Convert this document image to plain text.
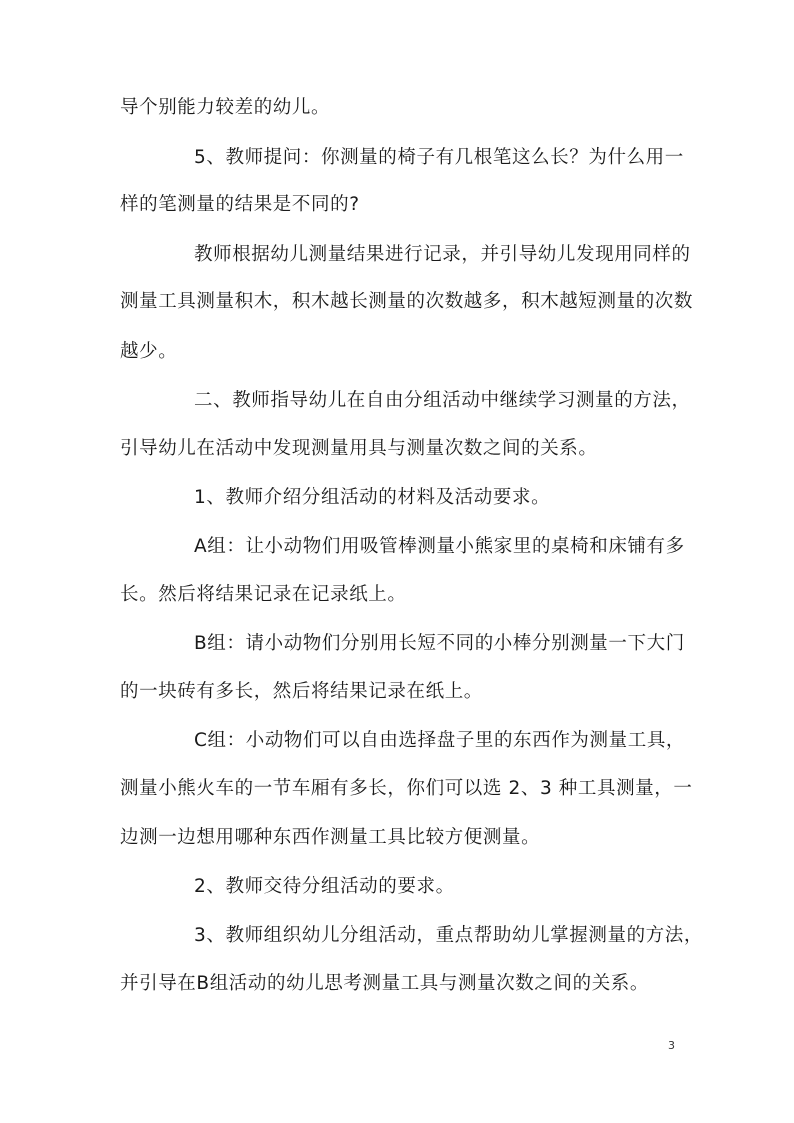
导个别能力较差的幼儿。
5、教师提问：你测量的椅子有几根笔这么长？为什么用一
样的笔测量的结果是不同的?
教师根据幼儿测量结果进行记录，并引导幼儿发现用同样的
测量工具测量积木，积木越长测量的次数越多，积木越短测量的次数
越少。
二、教师指导幼儿在自由分组活动中继续学习测量的方法，
引导幼儿在活动中发现测量用具与测量次数之间的关系。
1、教师介绍分组活动的材料及活动要求。
A组：让小动物们用吸管棒测量小熊家里的桌椅和床铺有多
长。然后将结果记录在记录纸上。
B组：请小动物们分别用长短不同的小棒分别测量一下大门
的一块砖有多长，然后将结果记录在纸上。
C组：小动物们可以自由选择盘子里的东西作为测量工具，
测量小熊火车的一节车厢有多长，你们可以选 2、3 种工具测量，一
边测一边想用哪种东西作测量工具比较方便测量。
2、教师交待分组活动的要求。
3、教师组织幼儿分组活动，重点帮助幼儿掌握测量的方法，
并引导在B组活动的幼儿思考测量工具与测量次数之间的关系。
3
